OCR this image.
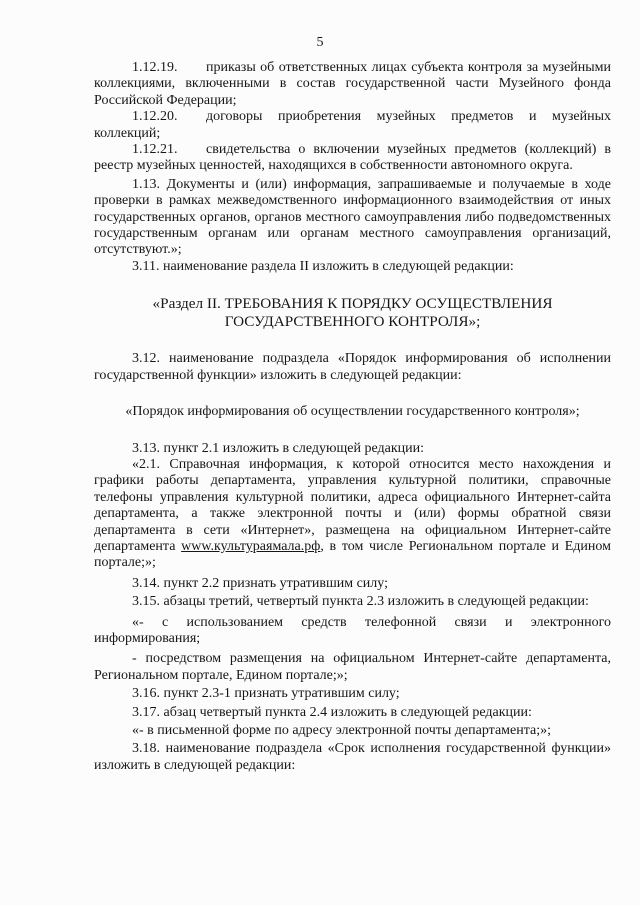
5

1.12.19. приказы об ответственных лицах субъекта контроля за музейными коллекциями, включенными в состав государственной части Музейного фонда Российской Федерации;

1.12.20. договоры приобретения музейных предметов и музейных коллекций;

1.12.21. свидетельства о включении музейных предметов (коллекций) в реестр музейных ценностей, находящихся в собственности автономного округа.

1.13. Документы и (или) информация, запрашиваемые и получаемые в ходе проверки в рамках межведомственного информационного взаимодействия от иных государственных органов, органов местного самоуправления либо подведомственных государственным органам или органам местного самоуправления организаций, отсутствуют.»;

3.11. наименование раздела II изложить в следующей редакции:

«Раздел II. ТРЕБОВАНИЯ К ПОРЯДКУ ОСУЩЕСТВЛЕНИЯ ГОСУДАРСТВЕННОГО КОНТРОЛЯ»;

3.12. наименование подраздела «Порядок информирования об исполнении государственной функции» изложить в следующей редакции:

«Порядок информирования об осуществлении государственного контроля»;

3.13. пункт 2.1 изложить в следующей редакции:

«2.1. Справочная информация, к которой относится место нахождения и графики работы департамента, управления культурной политики, справочные телефоны управления культурной политики, адреса официального Интернет-сайта департамента, а также электронной почты и (или) формы обратной связи департамента в сети «Интернет», размещена на официальном Интернет-сайте департамента www.культураямала.рф, в том числе Региональном портале и Едином портале;»;

3.14. пункт 2.2 признать утратившим силу;

3.15. абзацы третий, четвертый пункта 2.3 изложить в следующей редакции:

«- с использованием средств телефонной связи и электронного информирования;

- посредством размещения на официальном Интернет-сайте департамента, Региональном портале, Едином портале;»;

3.16. пункт 2.3-1 признать утратившим силу;

3.17. абзац четвертый пункта 2.4 изложить в следующей редакции:

«- в письменной форме по адресу электронной почты департамента;»;

3.18. наименование подраздела «Срок исполнения государственной функции» изложить в следующей редакции:
